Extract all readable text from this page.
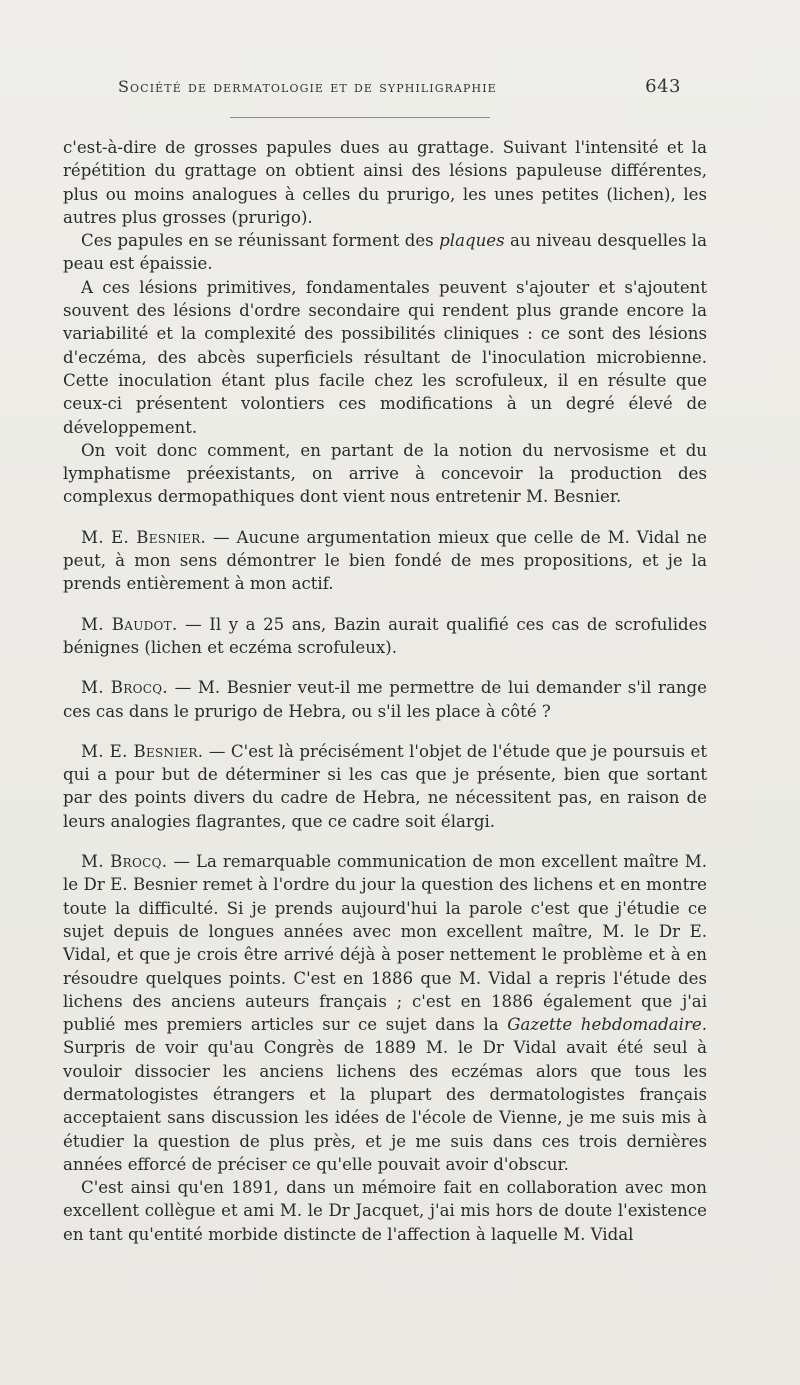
Société de dermatologie et de syphiligraphie	643

c'est-à-dire de grosses papules dues au grattage. Suivant l'intensité et la répétition du grattage on obtient ainsi des lésions papuleuse différentes, plus ou moins analogues à celles du prurigo, les unes petites (lichen), les autres plus grosses (prurigo).

Ces papules en se réunissant forment des plaques au niveau desquelles la peau est épaissie.

A ces lésions primitives, fondamentales peuvent s'ajouter et s'ajoutent souvent des lésions d'ordre secondaire qui rendent plus grande encore la variabilité et la complexité des possibilités cliniques : ce sont des lésions d'eczéma, des abcès superficiels résultant de l'inoculation microbienne. Cette inoculation étant plus facile chez les scrofuleux, il en résulte que ceux-ci présentent volontiers ces modifications à un degré élevé de développement.

On voit donc comment, en partant de la notion du nervosisme et du lymphatisme préexistants, on arrive à concevoir la production des complexus dermopathiques dont vient nous entretenir M. Besnier.

M. E. Besnier. — Aucune argumentation mieux que celle de M. Vidal ne peut, à mon sens démontrer le bien fondé de mes propositions, et je la prends entièrement à mon actif.

M. Baudot. — Il y a 25 ans, Bazin aurait qualifié ces cas de scrofulides bénignes (lichen et eczéma scrofuleux).

M. Brocq. — M. Besnier veut-il me permettre de lui demander s'il range ces cas dans le prurigo de Hebra, ou s'il les place à côté ?

M. E. Besnier. — C'est là précisément l'objet de l'étude que je poursuis et qui a pour but de déterminer si les cas que je présente, bien que sortant par des points divers du cadre de Hebra, ne nécessitent pas, en raison de leurs analogies flagrantes, que ce cadre soit élargi.

M. Brocq. — La remarquable communication de mon excellent maître M. le Dr E. Besnier remet à l'ordre du jour la question des lichens et en montre toute la difficulté. Si je prends aujourd'hui la parole c'est que j'étudie ce sujet depuis de longues années avec mon excellent maître, M. le Dr E. Vidal, et que je crois être arrivé déjà à poser nettement le problème et à en résoudre quelques points. C'est en 1886 que M. Vidal a repris l'étude des lichens des anciens auteurs français ; c'est en 1886 également que j'ai publié mes premiers articles sur ce sujet dans la Gazette hebdomadaire. Surpris de voir qu'au Congrès de 1889 M. le Dr Vidal avait été seul à vouloir dissocier les anciens lichens des eczémas alors que tous les dermatologistes étrangers et la plupart des dermatologistes français acceptaient sans discussion les idées de l'école de Vienne, je me suis mis à étudier la question de plus près, et je me suis dans ces trois dernières années efforcé de préciser ce qu'elle pouvait avoir d'obscur.

C'est ainsi qu'en 1891, dans un mémoire fait en collaboration avec mon excellent collègue et ami M. le Dr Jacquet, j'ai mis hors de doute l'existence en tant qu'entité morbide distincte de l'affection à laquelle M. Vidal
